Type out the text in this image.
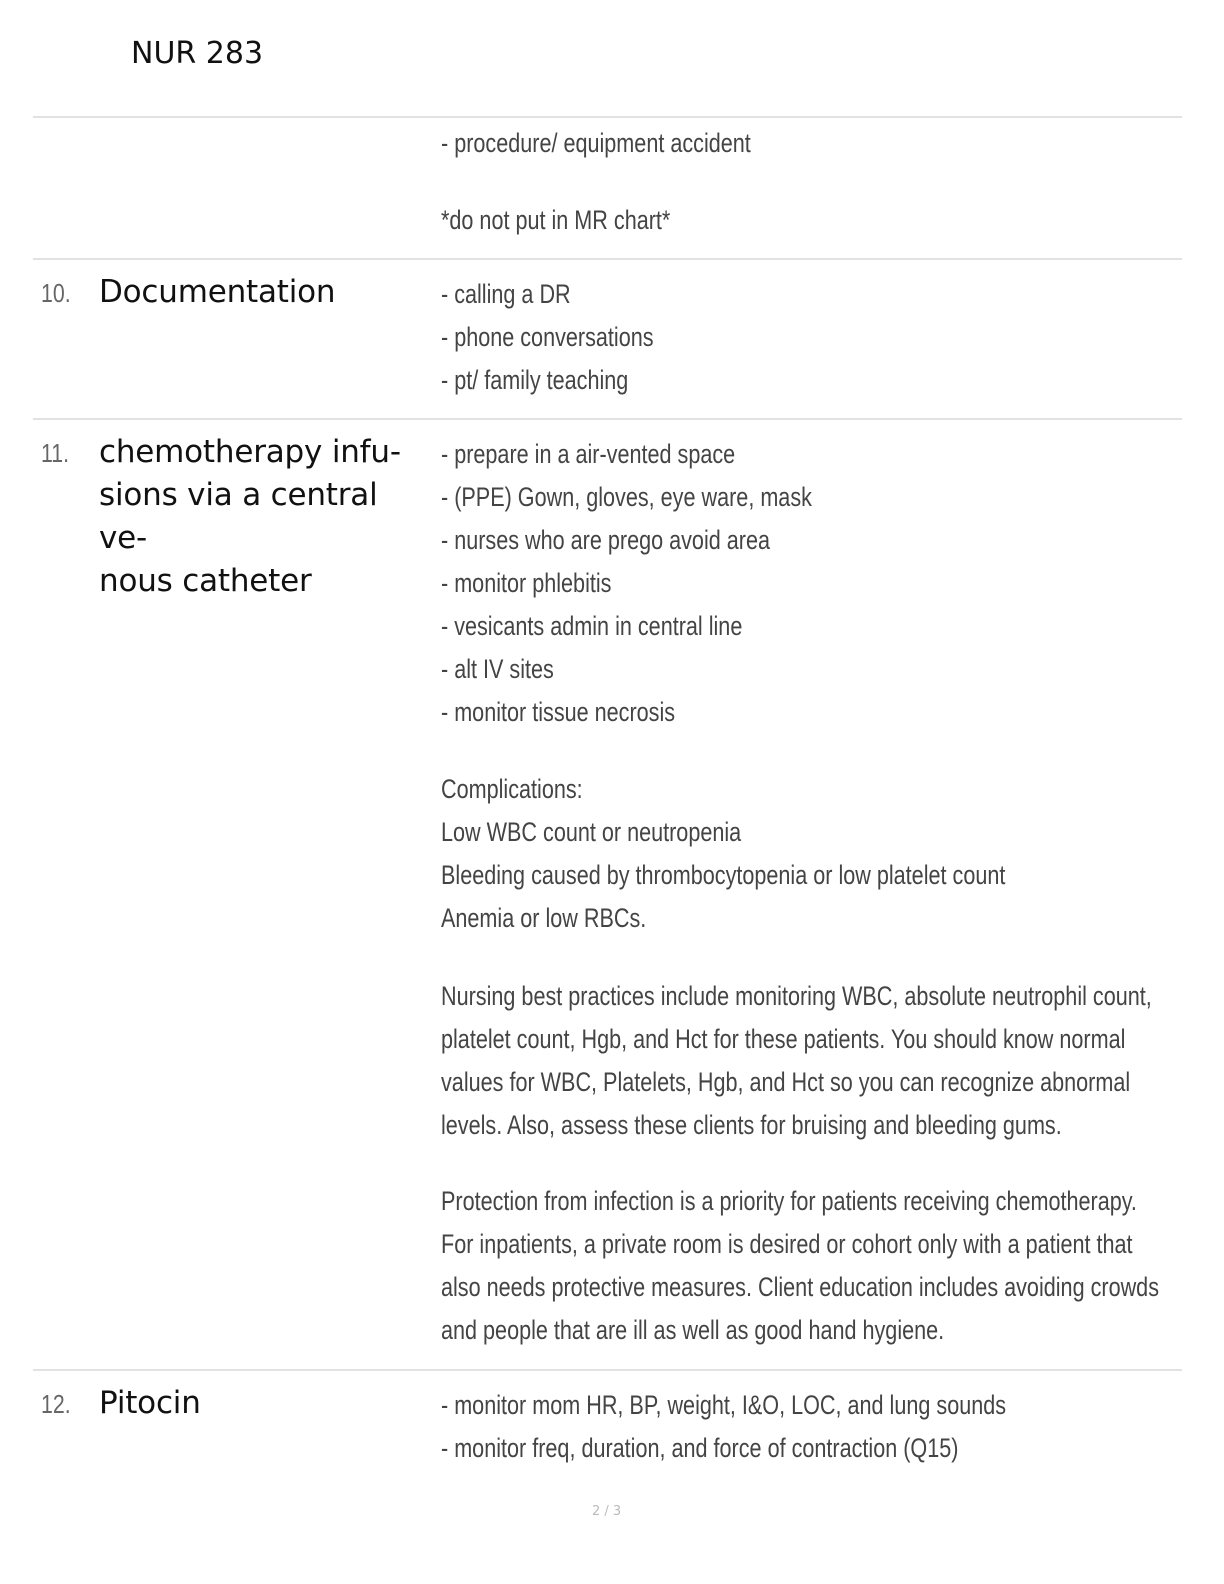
NUR 283
- procedure/ equipment accident
*do not put in MR chart*
10. Documentation	- calling a DR
- phone conversations
- pt/ family teaching
11. chemotherapy infu-
sions via a central ve-
nous catheter
- prepare in a air-vented space
- (PPE) Gown, gloves, eye ware, mask
- nurses who are prego avoid area
- monitor phlebitis
- vesicants admin in central line
- alt IV sites
- monitor tissue necrosis
Complications:
Low WBC count or neutropenia
Bleeding caused by thrombocytopenia or low platelet count
Anemia or low RBCs.
Nursing best practices include monitoring WBC, absolute neutrophil count,
platelet count, Hgb, and Hct for these patients. You should know normal
values for WBC, Platelets, Hgb, and Hct so you can recognize abnormal
levels. Also, assess these clients for bruising and bleeding gums.
Protection from infection is a priority for patients receiving chemotherapy.
For inpatients, a private room is desired or cohort only with a patient that
also needs protective measures. Client education includes avoiding crowds
and people that are ill as well as good hand hygiene.
12. Pitocin	- monitor mom HR, BP, weight, I&O, LOC, and lung sounds
- monitor freq, duration, and force of contraction (Q15)
2 / 3
